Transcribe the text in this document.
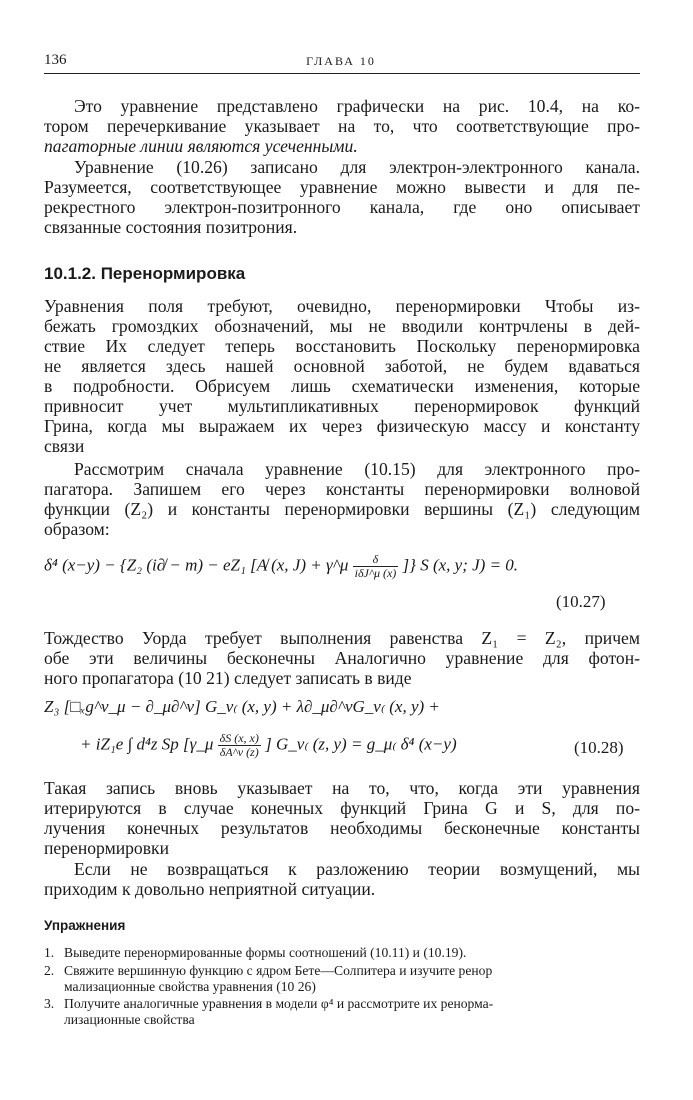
136	ГЛАВА 10
Это уравнение представлено графически на рис. 10.4, на ко-
тором перечеркивание указывает на то, что соответствующие про-
пагаторные линии являются усеченными.
Уравнение (10.26) записано для электрон-электронного канала.
Разумеется, соответствующее уравнение можно вывести и для пе-
рекрестного электрон-позитронного канала, где оно описывает
связанные состояния позитрония.
10.1.2. Перенормировка
Уравнения поля требуют, очевидно, перенормировки Чтобы из-
бежать громоздких обозначений, мы не вводили контрчлены в дей-
ствие Их следует теперь восстановить Поскольку перенормировка
не является здесь нашей основной заботой, не будем вдаваться
в подробности. Обрисуем лишь схематически изменения, которые
привносит учет мультипликативных перенормировок функций
Грина, когда мы выражаем их через физическую массу и константу
связи
Рассмотрим сначала уравнение (10.15) для электронного про-
пагатора. Запишем его через константы перенормировки волновой
функции (Z₂) и константы перенормировки вершины (Z₁) следующим
образом:
δ⁴ (x−y) − {Z₂ (i∂̸ − m) − eZ₁ [A̸ (x, J) + γ^μ $\frac{\delta}{\text{iδJ\textasciicircum{}μ (x)}}$ ]} S (x, y; J) = 0.
(10.27)
Тождество Уорда требует выполнения равенства Z₁ = Z₂, причем
обе эти величины бесконечны Аналогично уравнение для фотон-
ного пропагатора (10 21) следует записать в виде
Z₃ [□ₓg^ν_μ − ∂_μ∂^ν] G_ν₍ (x, y) + λ∂_μ∂^νG_ν₍ (x, y) +
+ iZ₁e ∫ d⁴z Sp [γ_μ $\frac{\delta S (x, x)}{\delta A\^{}\nu (z)}$ ] G_ν₍ (z, y) = g_μ₍ δ⁴ (x−y)	(10.28)
Такая запись вновь указывает на то, что, когда эти уравнения
итерируются в случае конечных функций Грина G и S, для по-
лучения конечных результатов необходимы бесконечные константы
перенормировки
Если не возвращаться к разложению теории возмущений, мы
приходим к довольно неприятной ситуации.
Упражнения
1. Выведите перенормированные формы соотношений (10.11) и (10.19).
2. Свяжите вершинную функцию с ядром Бете—Солпитера и изучите ренор
мализационные свойства уравнения (10 26)
3. Получите аналогичные уравнения в модели φ⁴ и рассмотрите их ренорма-
лизационные свойства
